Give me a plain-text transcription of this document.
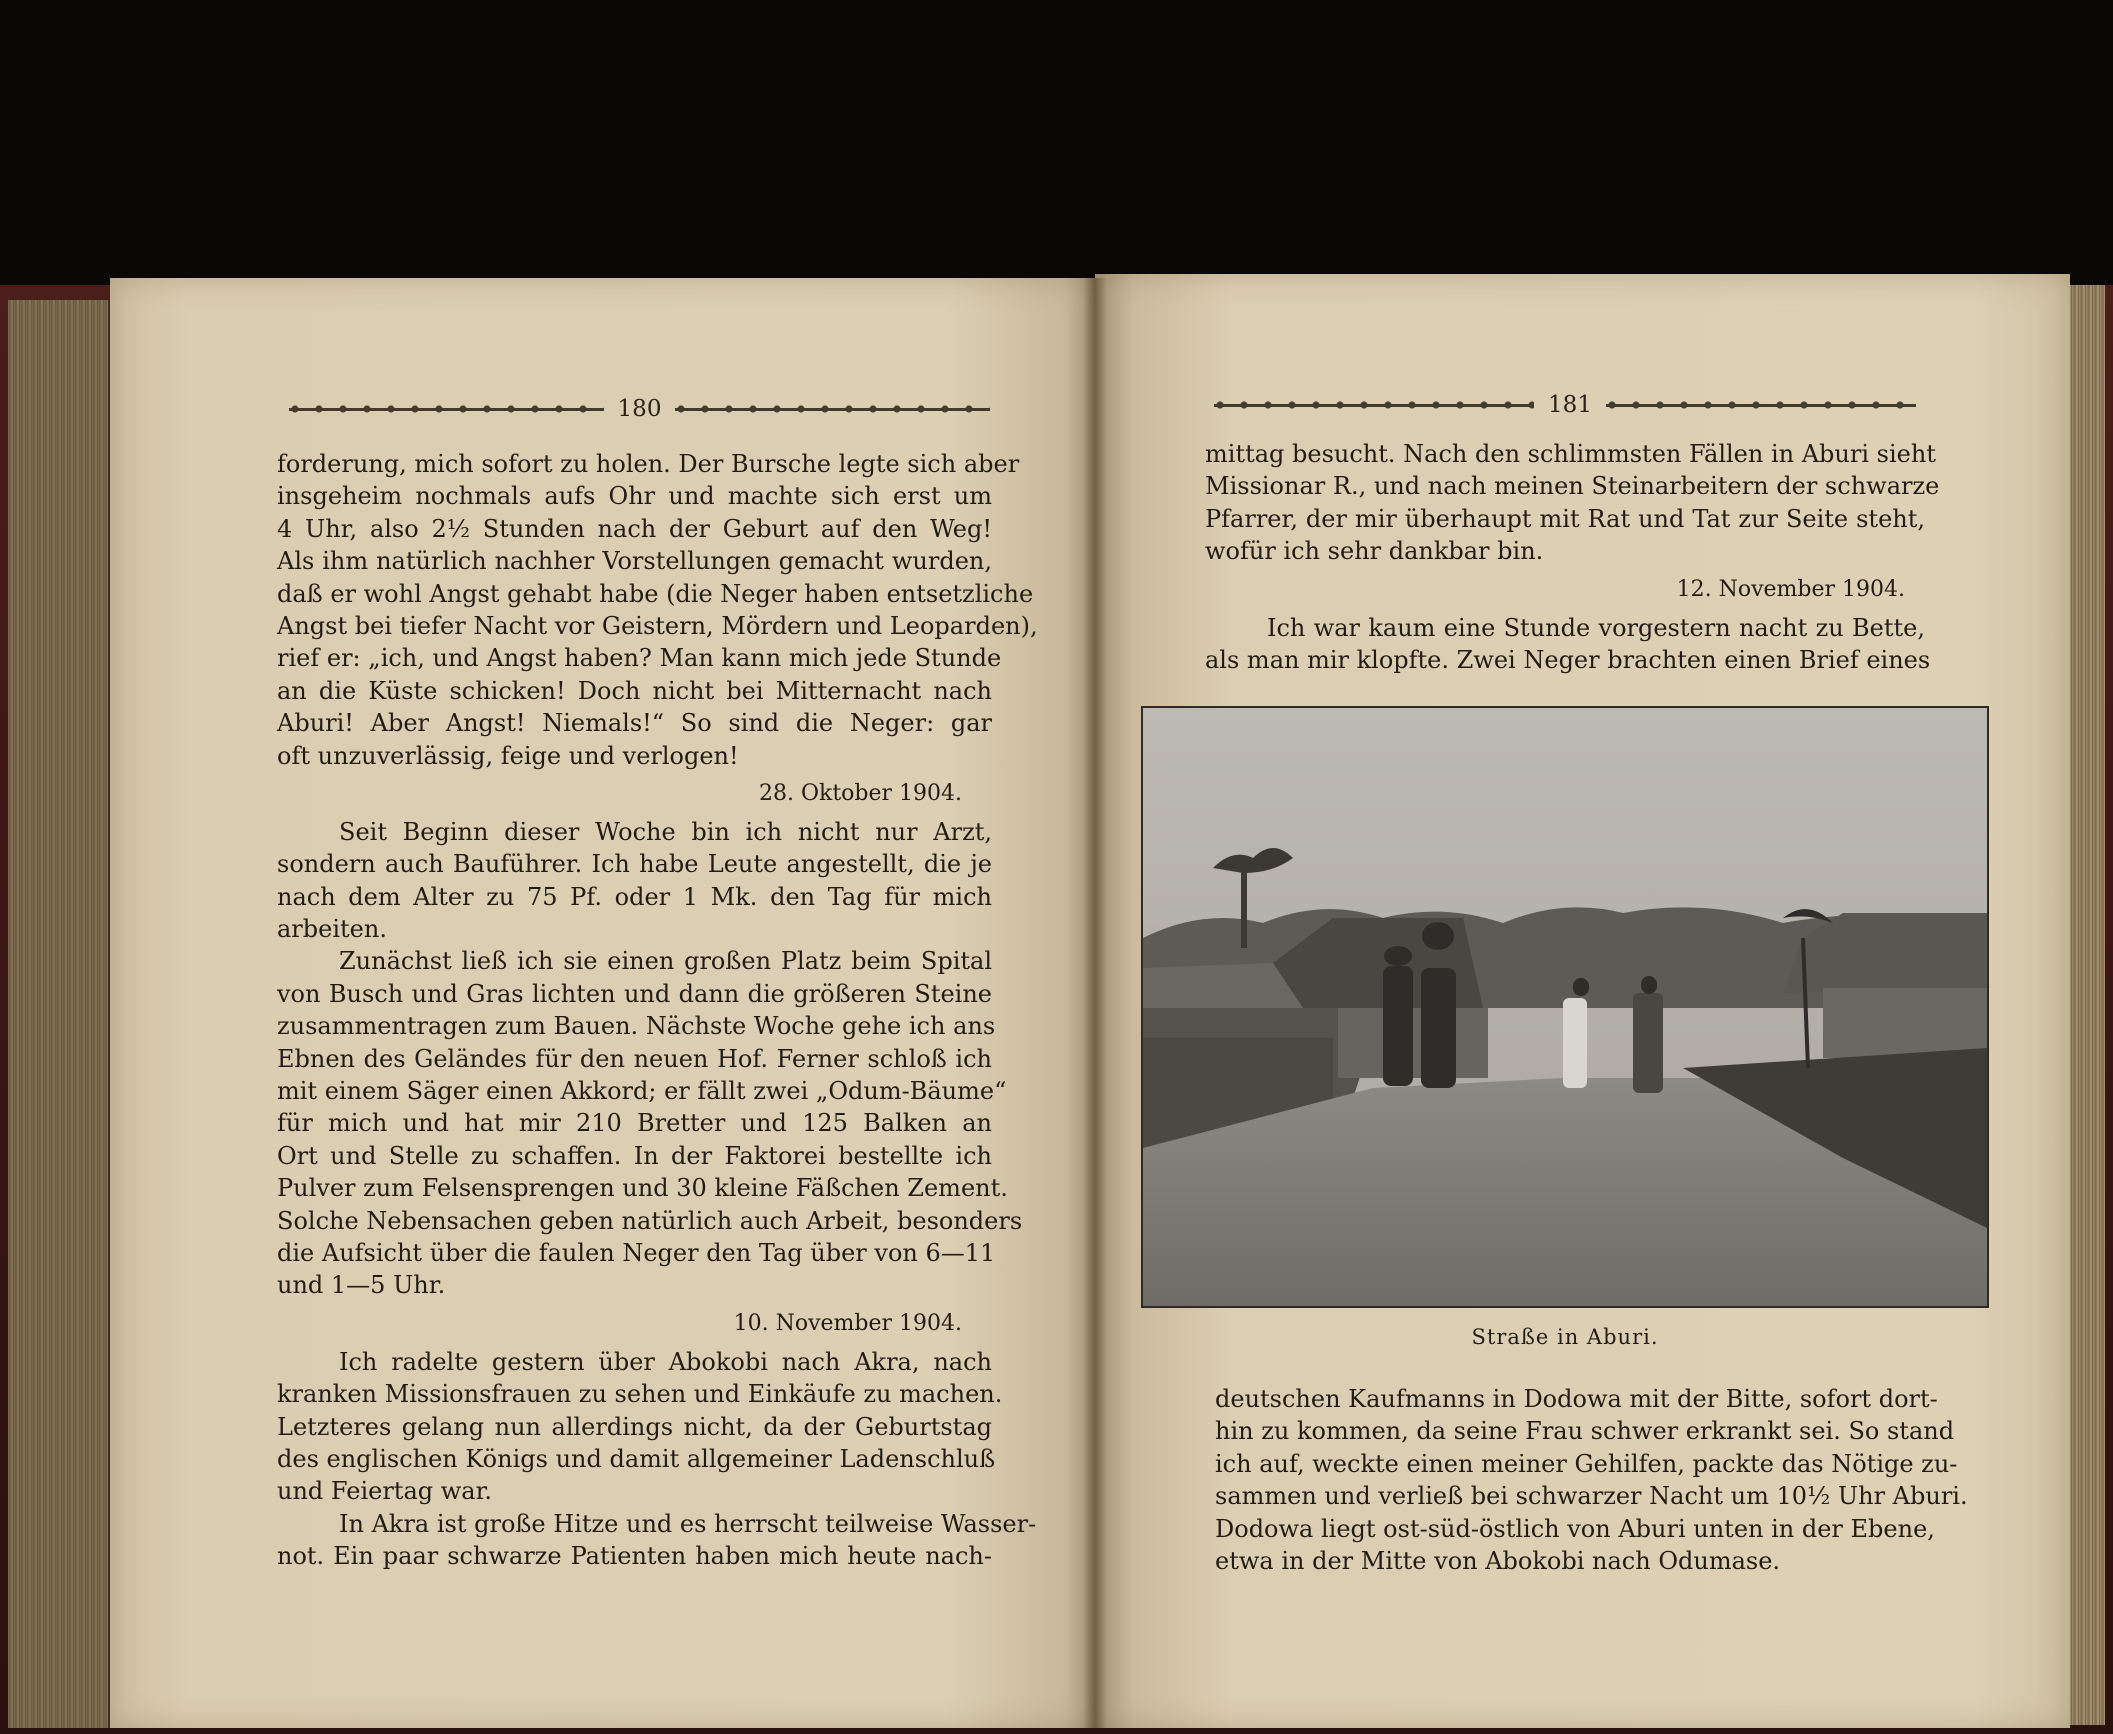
180	181
forderung, mich sofort zu holen. Der Bursche legte sich aber
insgeheim nochmals aufs Ohr und machte sich erst um
4 Uhr, also 2½ Stunden nach der Geburt auf den Weg!
Als ihm natürlich nachher Vorstellungen gemacht wurden,
daß er wohl Angst gehabt habe (die Neger haben entsetzliche
Angst bei tiefer Nacht vor Geistern, Mördern und Leoparden),
rief er: „ich, und Angst haben? Man kann mich jede Stunde
an die Küste schicken! Doch nicht bei Mitternacht nach
Aburi! Aber Angst! Niemals!“ So sind die Neger: gar
oft unzuverlässig, feige und verlogen!
28. Oktober 1904.
Seit Beginn dieser Woche bin ich nicht nur Arzt,
sondern auch Bauführer. Ich habe Leute angestellt, die je
nach dem Alter zu 75 Pf. oder 1 Mk. den Tag für mich
arbeiten.
Zunächst ließ ich sie einen großen Platz beim Spital
von Busch und Gras lichten und dann die größeren Steine
zusammentragen zum Bauen. Nächste Woche gehe ich ans
Ebnen des Geländes für den neuen Hof. Ferner schloß ich
mit einem Säger einen Akkord; er fällt zwei „Odum-Bäume“
für mich und hat mir 210 Bretter und 125 Balken an
Ort und Stelle zu schaffen. In der Faktorei bestellte ich
Pulver zum Felsensprengen und 30 kleine Fäßchen Zement.
Solche Nebensachen geben natürlich auch Arbeit, besonders
die Aufsicht über die faulen Neger den Tag über von 6—11
und 1—5 Uhr.
10. November 1904.
Ich radelte gestern über Abokobi nach Akra, nach
kranken Missionsfrauen zu sehen und Einkäufe zu machen.
Letzteres gelang nun allerdings nicht, da der Geburtstag
des englischen Königs und damit allgemeiner Ladenschluß
und Feiertag war.
In Akra ist große Hitze und es herrscht teilweise Wasser-
not. Ein paar schwarze Patienten haben mich heute nach-
mittag besucht. Nach den schlimmsten Fällen in Aburi sieht
Missionar R., und nach meinen Steinarbeitern der schwarze
Pfarrer, der mir überhaupt mit Rat und Tat zur Seite steht,
wofür ich sehr dankbar bin.
12. November 1904.
Ich war kaum eine Stunde vorgestern nacht zu Bette,
als man mir klopfte. Zwei Neger brachten einen Brief eines
Straße in Aburi.
deutschen Kaufmanns in Dodowa mit der Bitte, sofort dort-
hin zu kommen, da seine Frau schwer erkrankt sei. So stand
ich auf, weckte einen meiner Gehilfen, packte das Nötige zu-
sammen und verließ bei schwarzer Nacht um 10½ Uhr Aburi.
Dodowa liegt ost-süd-östlich von Aburi unten in der Ebene,
etwa in der Mitte von Abokobi nach Odumase.
